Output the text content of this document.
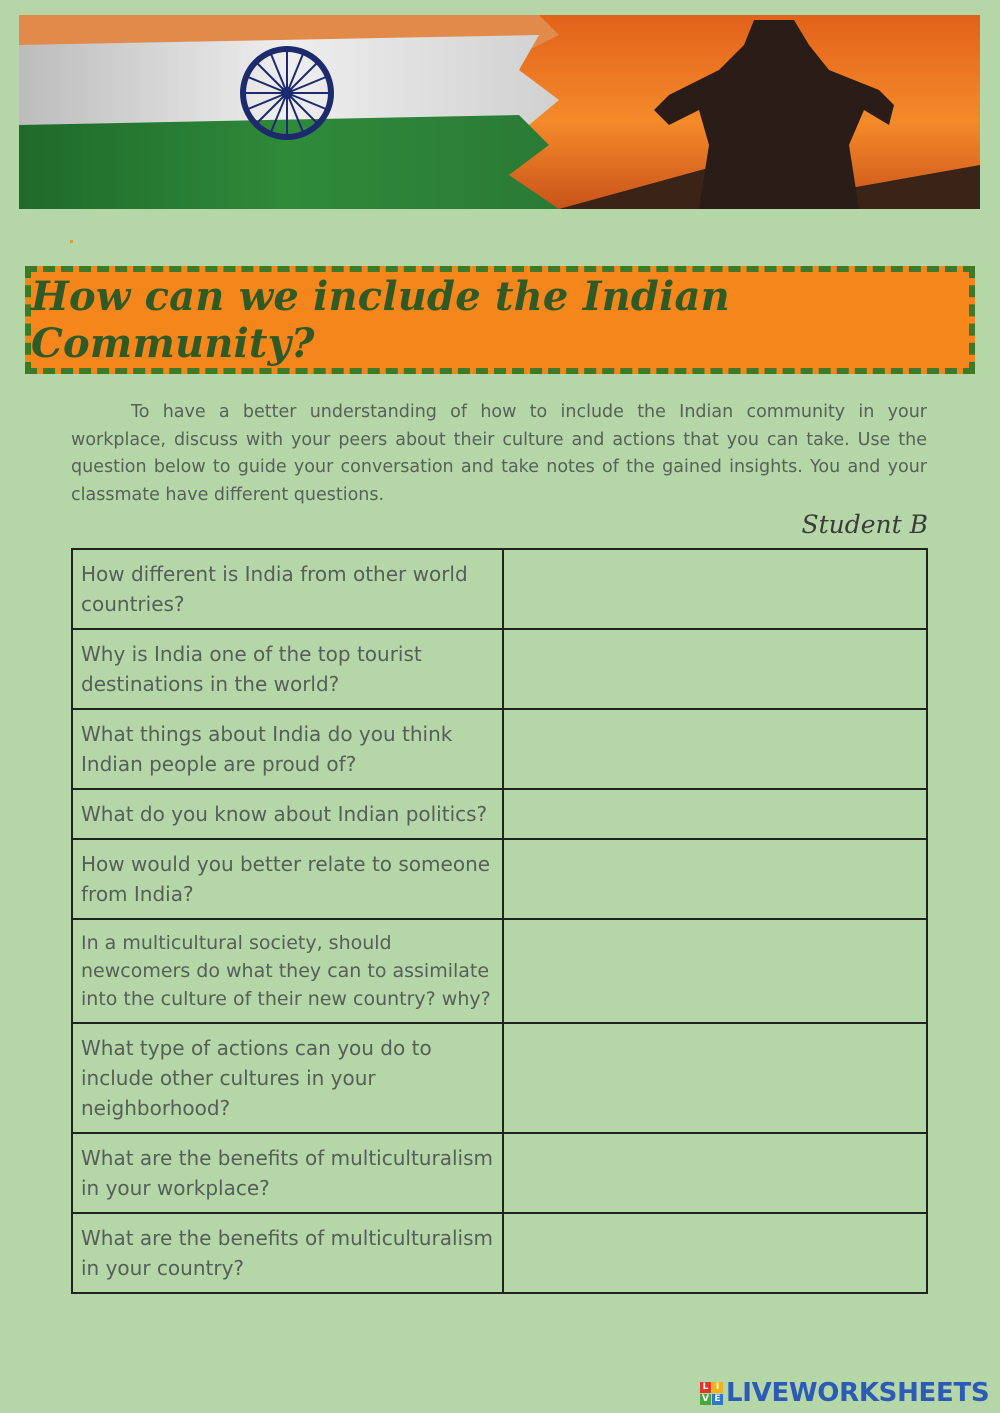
How can we include the Indian Community?

To have a better understanding of how to include the Indian community in your workplace, discuss with your peers about their culture and actions that you can take. Use the question below to guide your conversation and take notes of the gained insights. You and your classmate have different questions.

Student B
How different is India from other world countries?	
Why is India one of the top tourist destinations in the world?	
What things about India do you think Indian people are proud of?	
What do you know about Indian politics?	
How would you better relate to someone from India?	
In a multicultural society, should newcomers do what they can to assimilate into the culture of their new country? why?	
What type of actions can you do to include other cultures in your neighborhood?	
What are the benefits of multiculturalism in your workplace?	
What are the benefits of multiculturalism in your country?	
L I
V E LIVEWORKSHEETS
